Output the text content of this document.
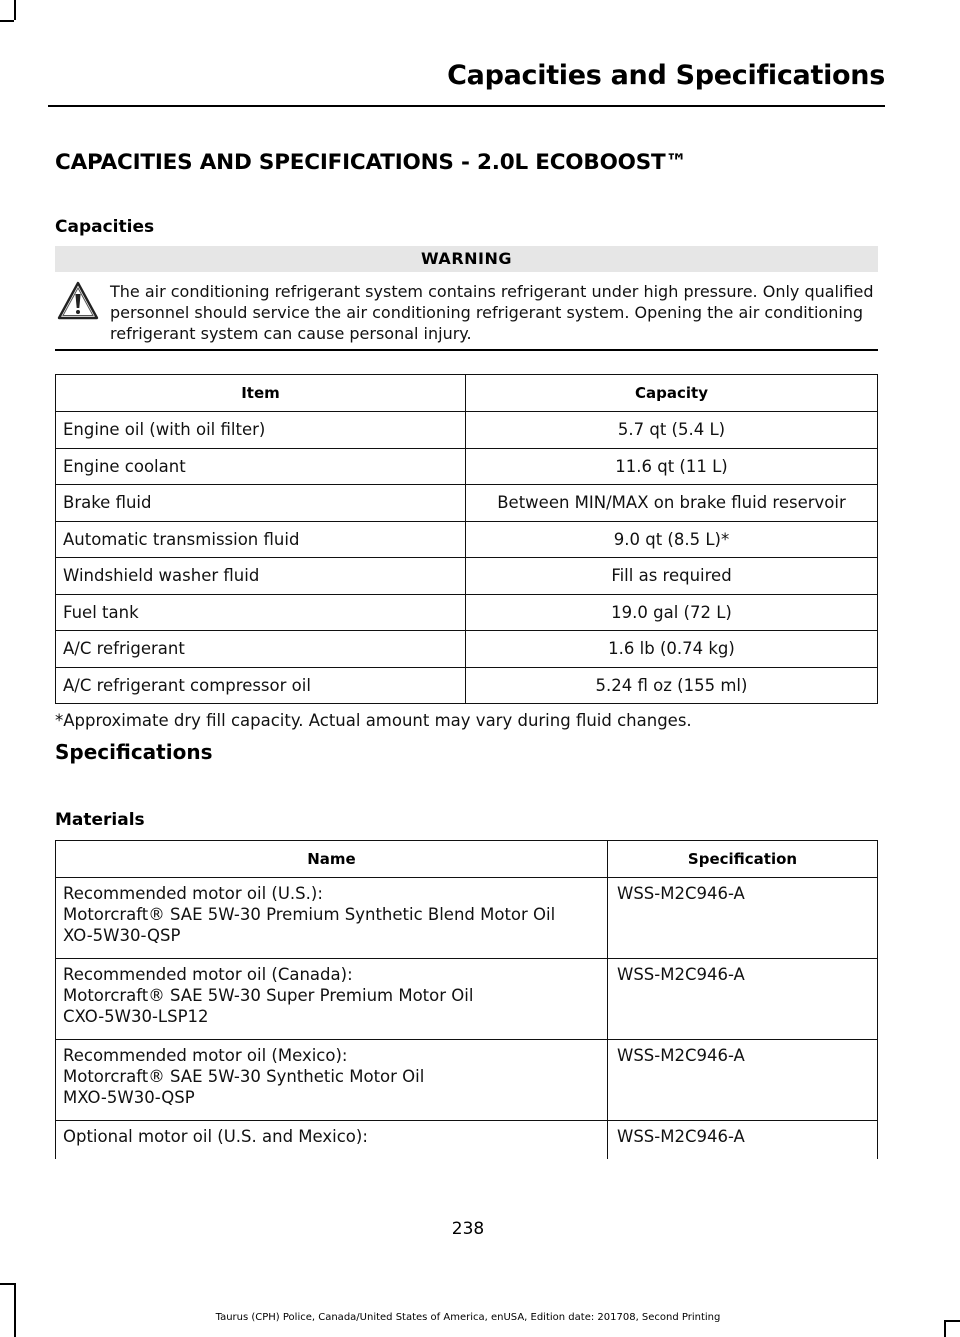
Capacities and Specifications
CAPACITIES AND SPECIFICATIONS - 2.0L ECOBOOST™
Capacities
WARNING
The air conditioning refrigerant system contains refrigerant under high pressure. Only qualified personnel should service the air conditioning refrigerant system. Opening the air conditioning refrigerant system can cause personal injury.
Item	Capacity
Engine oil (with oil filter)	5.7 qt (5.4 L)
Engine coolant	11.6 qt (11 L)
Brake fluid	Between MIN/MAX on brake fluid reservoir
Automatic transmission fluid	9.0 qt (8.5 L)*
Windshield washer fluid	Fill as required
Fuel tank	19.0 gal (72 L)
A/C refrigerant	1.6 lb (0.74 kg)
A/C refrigerant compressor oil	5.24 fl oz (155 ml)
*Approximate dry fill capacity. Actual amount may vary during fluid changes.
Specifications
Materials
Name	Specification

Recommended motor oil (U.S.):
Motorcraft® SAE 5W-30 Premium Synthetic Blend Motor Oil
XO-5W30-QSP	WSS-M2C946-A

Recommended motor oil (Canada):
Motorcraft® SAE 5W-30 Super Premium Motor Oil
CXO-5W30-LSP12	WSS-M2C946-A

Recommended motor oil (Mexico):
Motorcraft® SAE 5W-30 Synthetic Motor Oil
MXO-5W30-QSP	WSS-M2C946-A

Optional motor oil (U.S. and Mexico):	WSS-M2C946-A
238
Taurus (CPH) Police, Canada/United States of America, enUSA, Edition date: 201708, Second Printing
